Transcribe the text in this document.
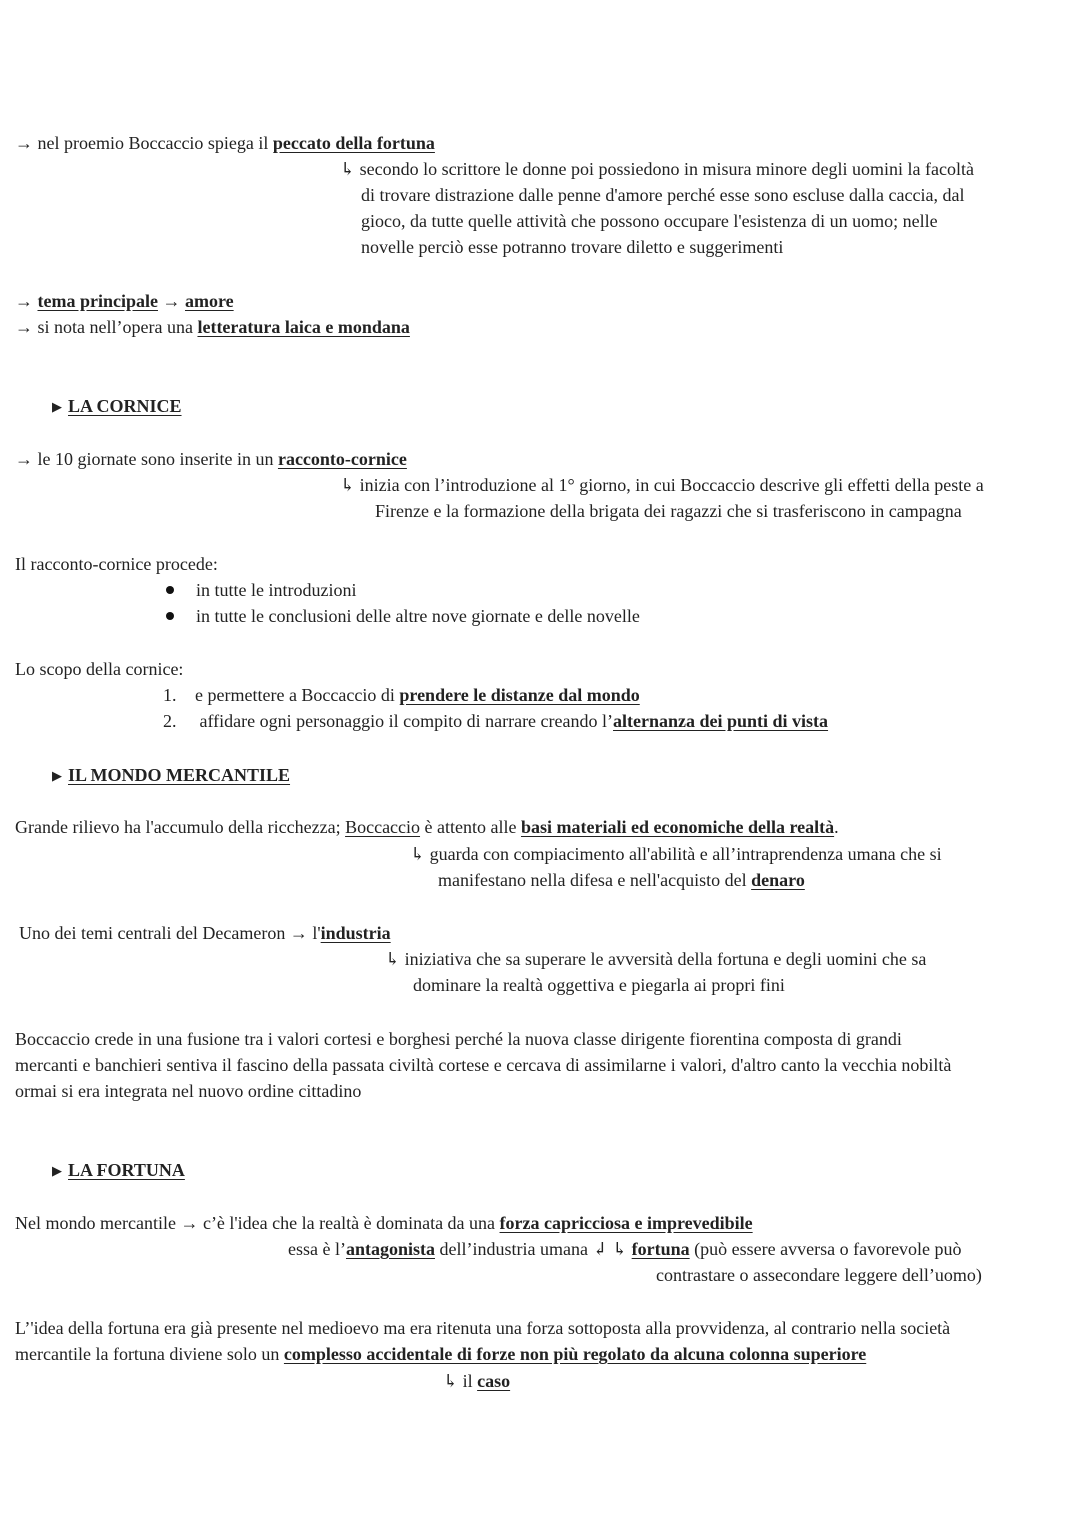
→ nel proemio Boccaccio spiega il peccato della fortuna
↳ secondo lo scrittore le donne poi possiedono in misura minore degli uomini la facoltà
di trovare distrazione dalle penne d'amore perché esse sono escluse dalla caccia, dal
gioco, da tutte quelle attività che possono occupare l'esistenza di un uomo; nelle
novelle perciò esse potranno trovare diletto e suggerimenti
→ tema principale → amore
→ si nota nell’opera una letteratura laica e mondana
▶ LA CORNICE
→ le 10 giornate sono inserite in un racconto-cornice
↳ inizia con l’introduzione al 1° giorno, in cui Boccaccio descrive gli effetti della peste a
Firenze e la formazione della brigata dei ragazzi che si trasferiscono in campagna
Il racconto-cornice procede:
in tutte le introduzioni
in tutte le conclusioni delle altre nove giornate e delle novelle
Lo scopo della cornice:
1. e permettere a Boccaccio di prendere le distanze dal mondo
2. affidare ogni personaggio il compito di narrare creando l’alternanza dei punti di vista
▶ IL MONDO MERCANTILE
Grande rilievo ha l'accumulo della ricchezza; Boccaccio è attento alle basi materiali ed economiche della realtà.
↳ guarda con compiacimento all'abilità e all’intraprendenza umana che si
manifestano nella difesa e nell'acquisto del denaro
Uno dei temi centrali del Decameron → l'industria
↳ iniziativa che sa superare le avversità della fortuna e degli uomini che sa
dominare la realtà oggettiva e piegarla ai propri fini
Boccaccio crede in una fusione tra i valori cortesi e borghesi perché la nuova classe dirigente fiorentina composta di grandi
mercanti e banchieri sentiva il fascino della passata civiltà cortese e cercava di assimilarne i valori, d'altro canto la vecchia nobiltà
ormai si era integrata nel nuovo ordine cittadino
▶ LA FORTUNA
Nel mondo mercantile → c’è l'idea che la realtà è dominata da una forza capricciosa e imprevedibile
essa è l’antagonista dell’industria umana ↲ ↳ fortuna (può essere avversa o favorevole può
contrastare o assecondare leggere dell’uomo)
L’'idea della fortuna era già presente nel medioevo ma era ritenuta una forza sottoposta alla provvidenza, al contrario nella società
mercantile la fortuna diviene solo un complesso accidentale di forze non più regolato da alcuna colonna superiore
↳ il caso
